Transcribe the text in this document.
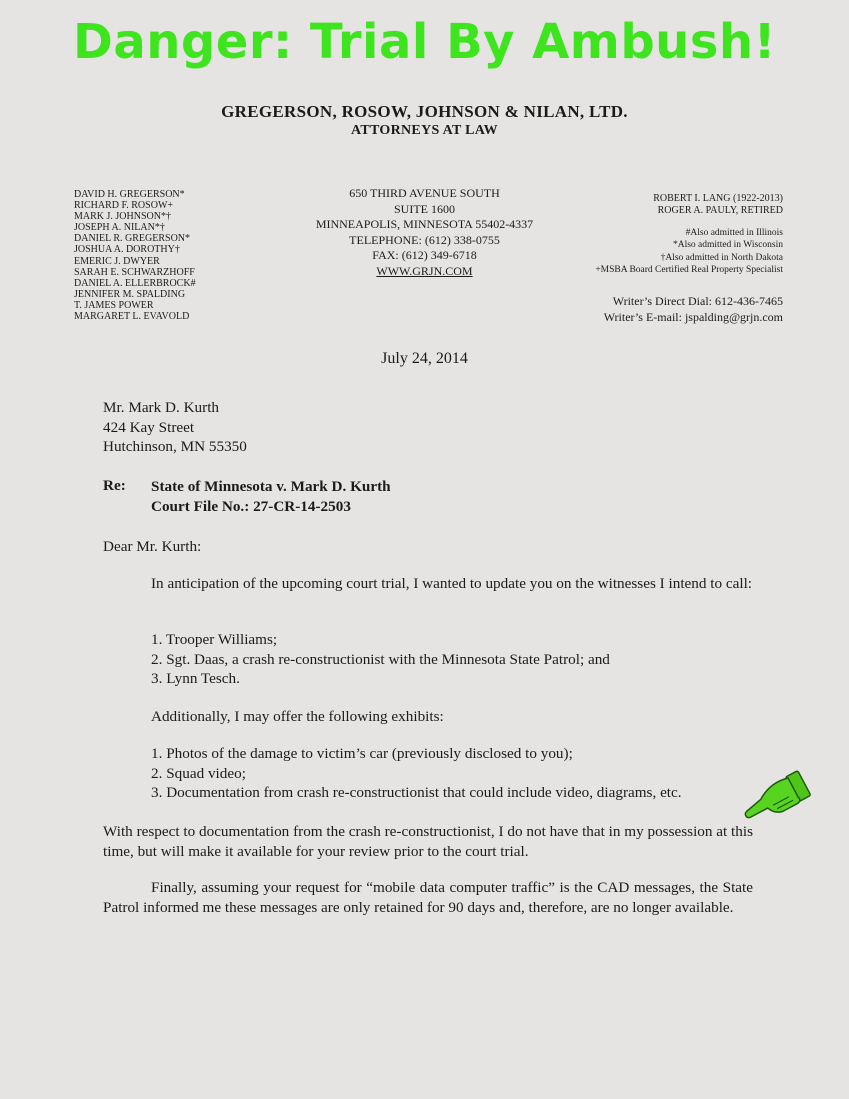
Danger: Trial By Ambush!
GREGERSON, ROSOW, JOHNSON & NILAN, LTD.
ATTORNEYS AT LAW
DAVID H. GREGERSON*
RICHARD F. ROSOW+
MARK J. JOHNSON*†
JOSEPH A. NILAN*†
DANIEL R. GREGERSON*
JOSHUA A. DOROTHY†
EMERIC J. DWYER
SARAH E. SCHWARZHOFF
DANIEL A. ELLERBROCK#
JENNIFER M. SPALDING
T. JAMES POWER
MARGARET L. EVAVOLD
650 THIRD AVENUE SOUTH
SUITE 1600
MINNEAPOLIS, MINNESOTA 55402-4337
TELEPHONE: (612) 338-0755
FAX: (612) 349-6718
WWW.GRJN.COM
ROBERT I. LANG (1922-2013)
ROGER A. PAULY, RETIRED
#Also admitted in Illinois
*Also admitted in Wisconsin
†Also admitted in North Dakota
+MSBA Board Certified Real Property Specialist
Writer’s Direct Dial: 612-436-7465
Writer’s E-mail: jspalding@grjn.com
July 24, 2014
Mr. Mark D. Kurth
424 Kay Street
Hutchinson, MN 55350
Re: State of Minnesota v. Mark D. Kurth
Court File No.: 27-CR-14-2503
Dear Mr. Kurth:
In anticipation of the upcoming court trial, I wanted to update you on the witnesses I intend to call:
1. Trooper Williams;
2. Sgt. Daas, a crash re-constructionist with the Minnesota State Patrol; and
3. Lynn Tesch.
Additionally, I may offer the following exhibits:
1. Photos of the damage to victim’s car (previously disclosed to you);
2. Squad video;
3. Documentation from crash re-constructionist that could include video, diagrams, etc.
With respect to documentation from the crash re-constructionist, I do not have that in my possession at this time, but will make it available for your review prior to the court trial.
Finally, assuming your request for “mobile data computer traffic” is the CAD messages, the State Patrol informed me these messages are only retained for 90 days and, therefore, are no longer available.
